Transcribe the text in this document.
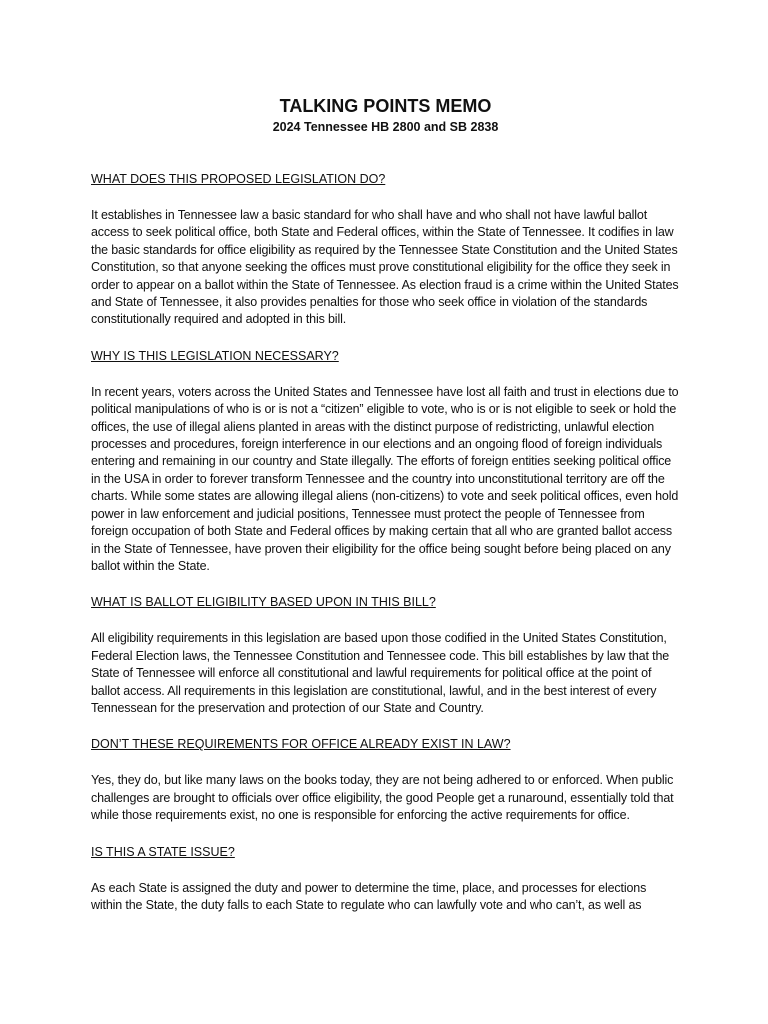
TALKING POINTS MEMO

2024 Tennessee HB 2800 and SB 2838

WHAT DOES THIS PROPOSED LEGISLATION DO?

It establishes in Tennessee law a basic standard for who shall have and who shall not have lawful ballot access to seek political office, both State and Federal offices, within the State of Tennessee. It codifies in law the basic standards for office eligibility as required by the Tennessee State Constitution and the United States Constitution, so that anyone seeking the offices must prove constitutional eligibility for the office they seek in order to appear on a ballot within the State of Tennessee. As election fraud is a crime within the United States and State of Tennessee, it also provides penalties for those who seek office in violation of the standards constitutionally required and adopted in this bill.

WHY IS THIS LEGISLATION NECESSARY?

In recent years, voters across the United States and Tennessee have lost all faith and trust in elections due to political manipulations of who is or is not a “citizen” eligible to vote, who is or is not eligible to seek or hold the offices, the use of illegal aliens planted in areas with the distinct purpose of redistricting, unlawful election processes and procedures, foreign interference in our elections and an ongoing flood of foreign individuals entering and remaining in our country and State illegally. The efforts of foreign entities seeking political office in the USA in order to forever transform Tennessee and the country into unconstitutional territory are off the charts. While some states are allowing illegal aliens (non-citizens) to vote and seek political offices, even hold power in law enforcement and judicial positions, Tennessee must protect the people of Tennessee from foreign occupation of both State and Federal offices by making certain that all who are granted ballot access in the State of Tennessee, have proven their eligibility for the office being sought before being placed on any ballot within the State.

WHAT IS BALLOT ELIGIBILITY BASED UPON IN THIS BILL?

All eligibility requirements in this legislation are based upon those codified in the United States Constitution, Federal Election laws, the Tennessee Constitution and Tennessee code. This bill establishes by law that the State of Tennessee will enforce all constitutional and lawful requirements for political office at the point of ballot access. All requirements in this legislation are constitutional, lawful, and in the best interest of every Tennessean for the preservation and protection of our State and Country.

DON’T THESE REQUIREMENTS FOR OFFICE ALREADY EXIST IN LAW?

Yes, they do, but like many laws on the books today, they are not being adhered to or enforced. When public challenges are brought to officials over office eligibility, the good People get a runaround, essentially told that while those requirements exist, no one is responsible for enforcing the active requirements for office.

IS THIS A STATE ISSUE?

As each State is assigned the duty and power to determine the time, place, and processes for elections within the State, the duty falls to each State to regulate who can lawfully vote and who can’t, as well as
